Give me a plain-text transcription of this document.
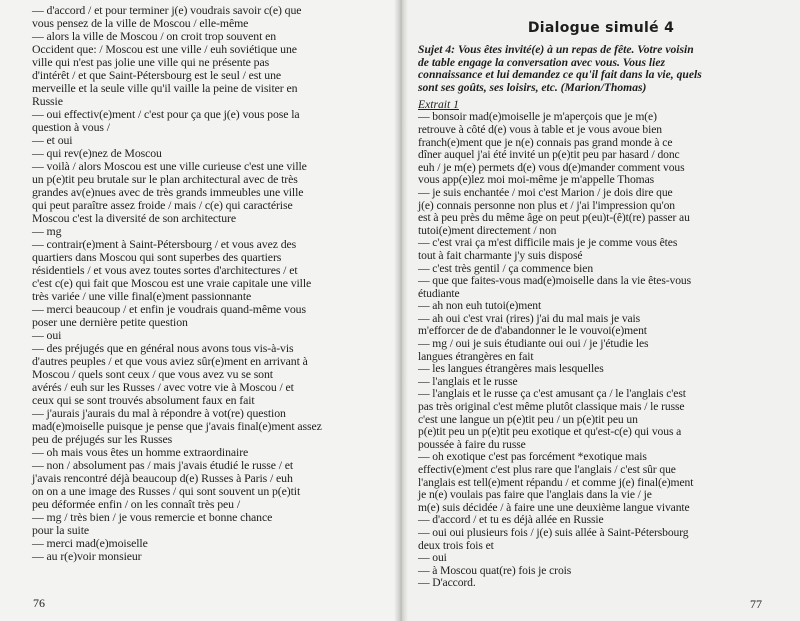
— d'accord / et pour terminer j(e) voudrais savoir c(e) que

vous pensez de la ville de Moscou / elle-même

— alors la ville de Moscou / on croit trop souvent en

Occident que: / Moscou est une ville / euh soviétique une

ville qui n'est pas jolie une ville qui ne présente pas

d'intérêt / et que Saint-Pétersbourg est le seul / est une

merveille et la seule ville qu'il vaille la peine de visiter en

Russie

— oui effectiv(e)ment / c'est pour ça que j(e) vous pose la

question à vous /

— et oui

— qui rev(e)nez de Moscou

— voilà / alors Moscou est une ville curieuse c'est une ville

un p(e)tit peu brutale sur le plan architectural avec de très

grandes av(e)nues avec de très grands immeubles une ville

qui peut paraître assez froide / mais / c(e) qui caractérise

Moscou c'est la diversité de son architecture

— mg

— contrair(e)ment à Saint-Pétersbourg / et vous avez des

quartiers dans Moscou qui sont superbes des quartiers

résidentiels / et vous avez toutes sortes d'architectures / et

c'est c(e) qui fait que Moscou est une vraie capitale une ville

très variée / une ville final(e)ment passionnante

— merci beaucoup / et enfin je voudrais quand-même vous

poser une dernière petite question

— oui

— des préjugés que en général nous avons tous vis-à-vis

d'autres peuples / et que vous aviez sûr(e)ment en arrivant à

Moscou / quels sont ceux / que vous avez vu se sont

avérés / euh sur les Russes / avec votre vie à Moscou / et

ceux qui se sont trouvés absolument faux en fait

— j'aurais j'aurais du mal à répondre à vot(re) question

mad(e)moiselle puisque je pense que j'avais final(e)ment assez

peu de préjugés sur les Russes

— oh mais vous êtes un homme extraordinaire

— non / absolument pas / mais j'avais étudié le russe / et

j'avais rencontré déjà beaucoup d(e) Russes à Paris / euh

on on a une image des Russes / qui sont souvent un p(e)tit

peu déformée enfin / on les connaît très peu /

— mg / très bien / je vous remercie et bonne chance

pour la suite

— merci mad(e)moiselle

— au r(e)voir monsieur

76
Dialogue simulé 4

Sujet 4: Vous êtes invité(e) à un repas de fête. Votre voisin

de table engage la conversation avec vous. Vous liez

connaissance et lui demandez ce qu'il fait dans la vie, quels

sont ses goûts, ses loisirs, etc. (Marion/Thomas)

Extrait 1

— bonsoir mad(e)moiselle je m'aperçois que je m(e)

retrouve à côté d(e) vous à table et je vous avoue bien

franch(e)ment que je n(e) connais pas grand monde à ce

dîner auquel j'ai été invité un p(e)tit peu par hasard / donc

euh / je m(e) permets d(e) vous d(e)mander comment vous

vous app(e)lez moi moi-même je m'appelle Thomas

— je suis enchantée / moi c'est Marion / je dois dire que

j(e) connais personne non plus et / j'ai l'impression qu'on

est à peu près du même âge on peut p(eu)t-(ê)t(re) passer au

tutoi(e)ment directement / non

— c'est vrai ça m'est difficile mais je je comme vous êtes

tout à fait charmante j'y suis disposé

— c'est très gentil / ça commence bien

— que que faites-vous mad(e)moiselle dans la vie êtes-vous

étudiante

— ah non euh tutoi(e)ment

— ah oui c'est vrai (rires) j'ai du mal mais je vais

m'efforcer de de d'abandonner le le vouvoi(e)ment

— mg / oui je suis étudiante oui oui / je j'étudie les

langues étrangères en fait

— les langues étrangères mais lesquelles

— l'anglais et le russe

— l'anglais et le russe ça c'est amusant ça / le l'anglais c'est

pas très original c'est même plutôt classique mais / le russe

c'est une langue un p(e)tit peu / un p(e)tit peu un

p(e)tit peu un p(e)tit peu exotique et qu'est-c(e) qui vous a

poussée à faire du russe

— oh exotique c'est pas forcément *exotique mais

effectiv(e)ment c'est plus rare que l'anglais / c'est sûr que

l'anglais est tell(e)ment répandu / et comme j(e) final(e)ment

je n(e) voulais pas faire que l'anglais dans la vie / je

m(e) suis décidée / à faire une une deuxième langue vivante

— d'accord / et tu es déjà allée en Russie

— oui oui plusieurs fois / j(e) suis allée à Saint-Pétersbourg

deux trois fois et

— oui

— à Moscou quat(re) fois je crois

— D'accord.

77
